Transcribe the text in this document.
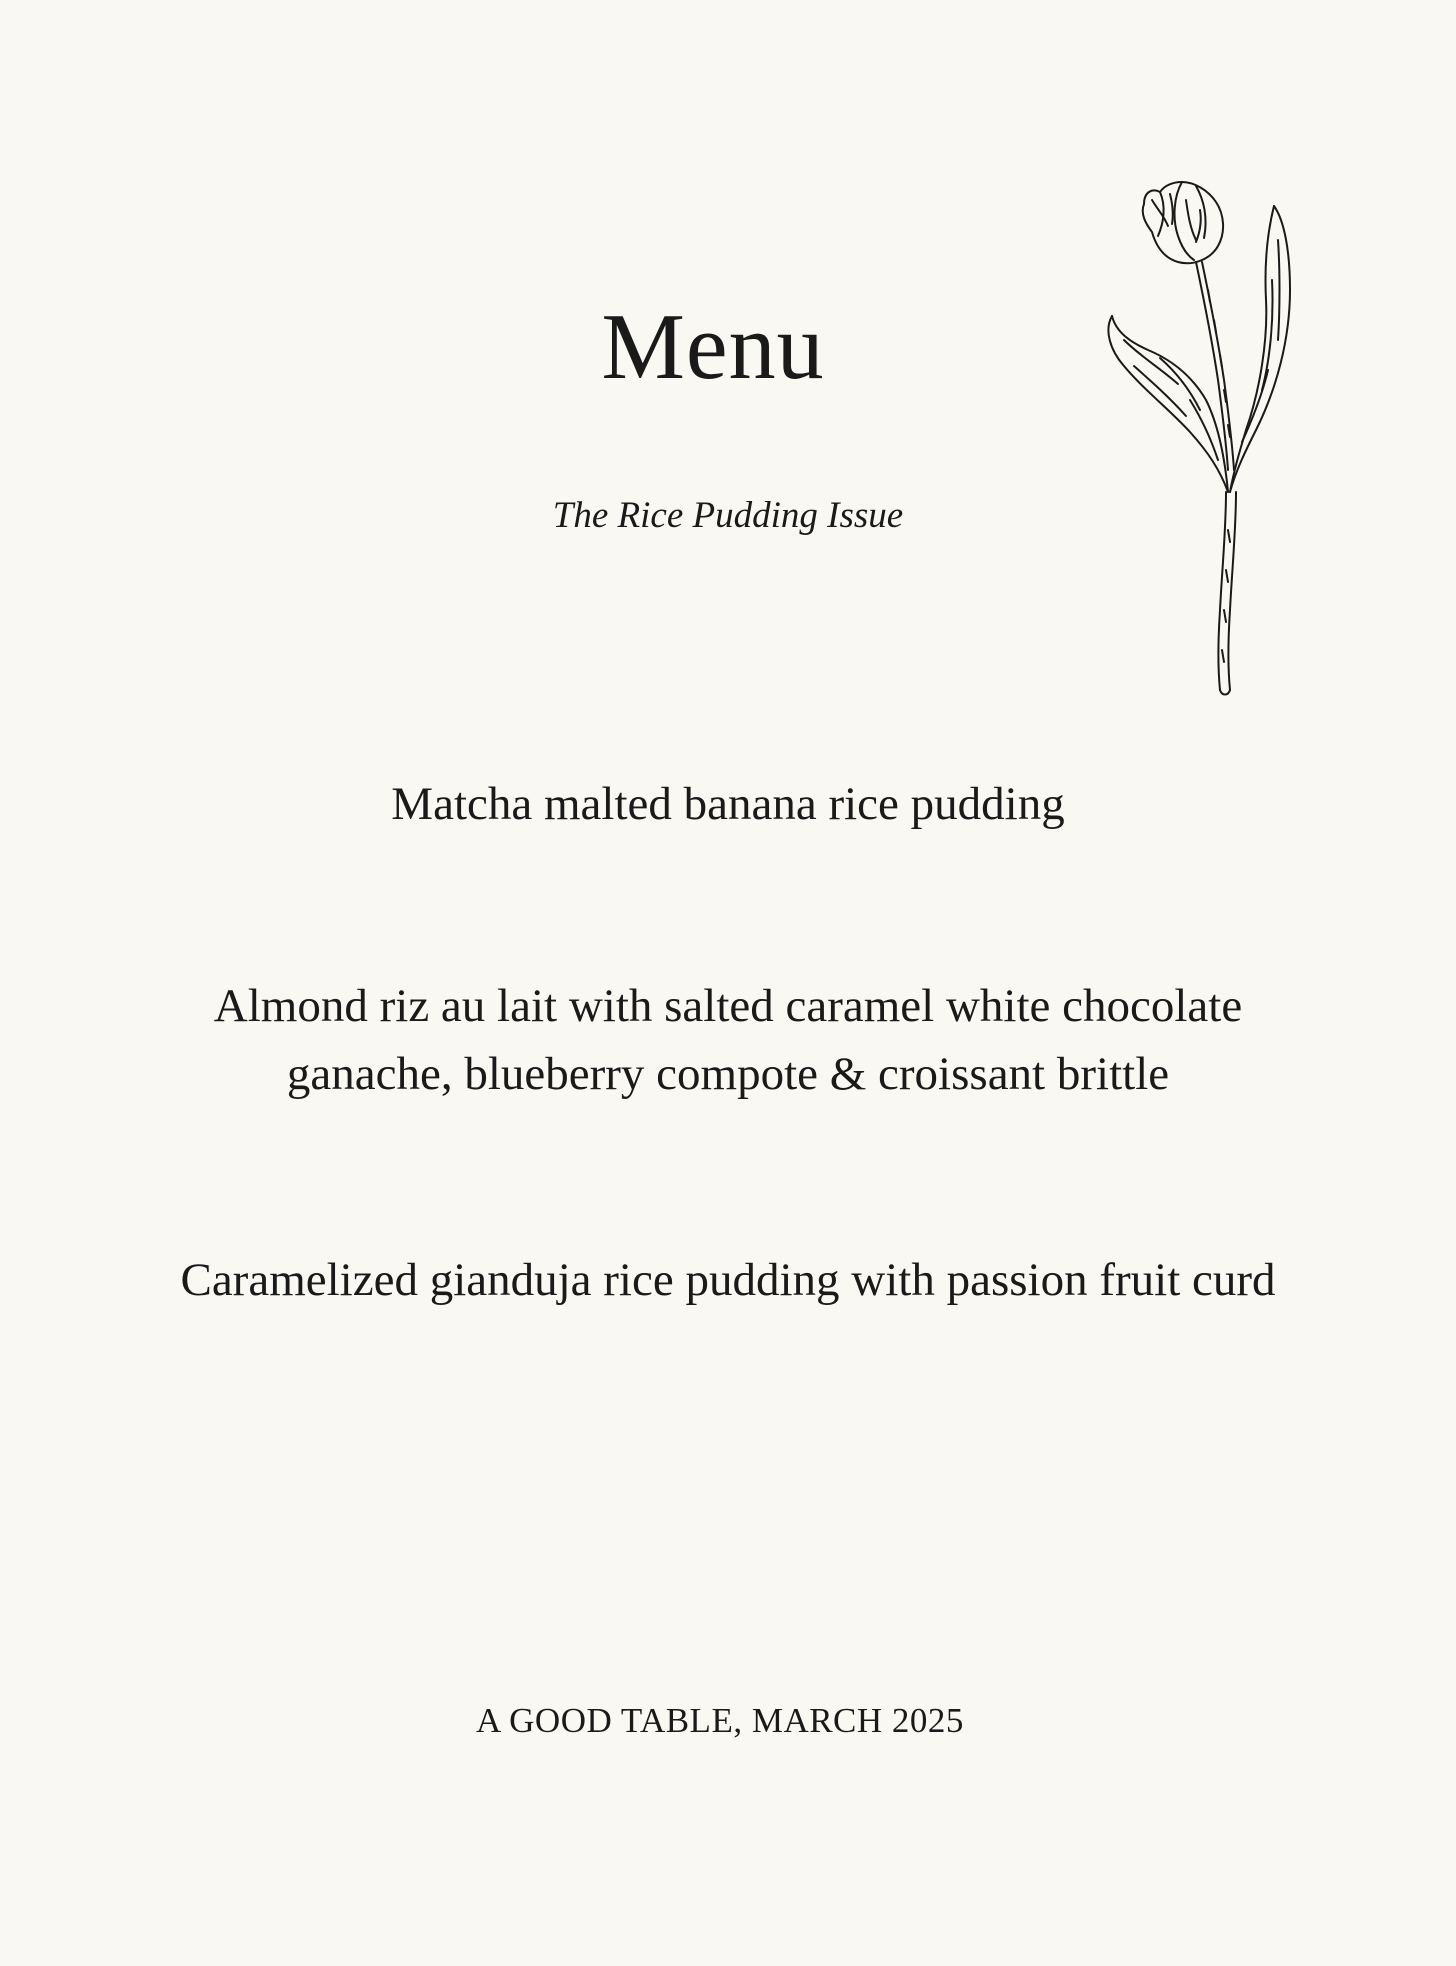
Menu
The Rice Pudding Issue
Matcha malted banana rice pudding
Almond riz au lait with salted caramel white chocolate ganache, blueberry compote & croissant brittle
Caramelized gianduja rice pudding with passion fruit curd
A GOOD TABLE, MARCH 2025
